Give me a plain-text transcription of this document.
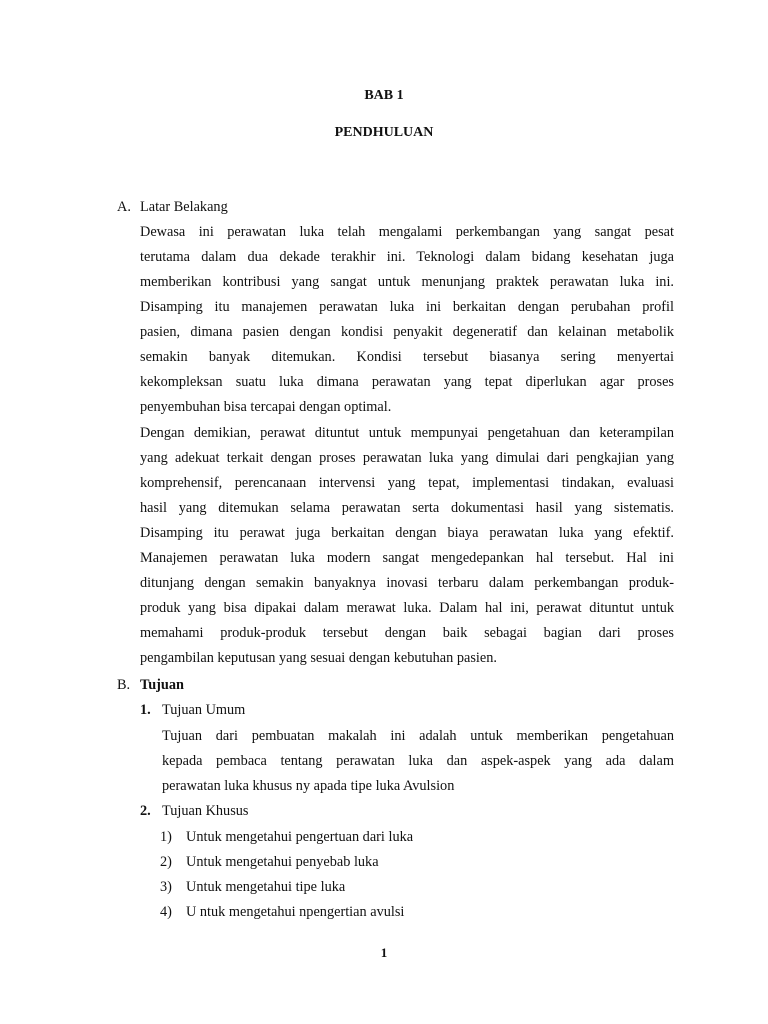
BAB 1
PENDHULUAN
A. Latar Belakang
Dewasa ini perawatan luka telah mengalami perkembangan yang sangat pesat
terutama dalam dua dekade terakhir ini. Teknologi dalam bidang kesehatan juga
memberikan kontribusi yang sangat untuk menunjang praktek perawatan luka ini.
Disamping itu manajemen perawatan luka ini berkaitan dengan perubahan profil
pasien, dimana pasien dengan kondisi penyakit degeneratif dan kelainan metabolik
semakin banyak ditemukan. Kondisi tersebut biasanya sering menyertai
kekompleksan suatu luka dimana perawatan yang tepat diperlukan agar proses
penyembuhan bisa tercapai dengan optimal.
Dengan demikian, perawat dituntut untuk mempunyai pengetahuan dan keterampilan
yang adekuat terkait dengan proses perawatan luka yang dimulai dari pengkajian yang
komprehensif, perencanaan intervensi yang tepat, implementasi tindakan, evaluasi
hasil yang ditemukan selama perawatan serta dokumentasi hasil yang sistematis.
Disamping itu perawat juga berkaitan dengan biaya perawatan luka yang efektif.
Manajemen perawatan luka modern sangat mengedepankan hal tersebut. Hal ini
ditunjang dengan semakin banyaknya inovasi terbaru dalam perkembangan produk-
produk yang bisa dipakai dalam merawat luka. Dalam hal ini, perawat dituntut untuk
memahami produk-produk tersebut dengan baik sebagai bagian dari proses
pengambilan keputusan yang sesuai dengan kebutuhan pasien.
B. Tujuan
1. Tujuan Umum
Tujuan dari pembuatan makalah ini adalah untuk memberikan pengetahuan
kepada pembaca tentang perawatan luka dan aspek-aspek yang ada dalam
perawatan luka khusus ny apada tipe luka Avulsion
2. Tujuan Khusus
1) Untuk mengetahui pengertuan dari luka
2) Untuk mengetahui penyebab luka
3) Untuk mengetahui tipe luka
4) U ntuk mengetahui npengertian avulsi
1
